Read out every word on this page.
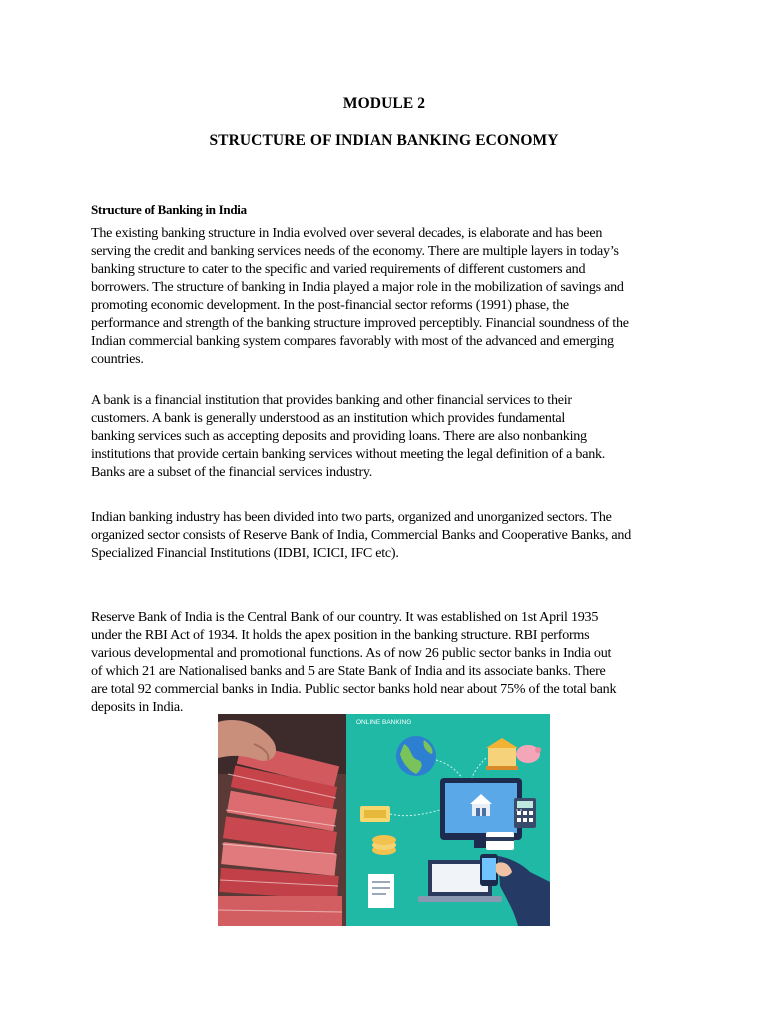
MODULE 2
STRUCTURE OF INDIAN BANKING ECONOMY
Structure of Banking in India

The existing banking structure in India evolved over several decades, is elaborate and has been
serving the credit and banking services needs of the economy. There are multiple layers in today’s
banking structure to cater to the specific and varied requirements of different customers and
borrowers. The structure of banking in India played a major role in the mobilization of savings and
promoting economic development. In the post-financial sector reforms (1991) phase, the
performance and strength of the banking structure improved perceptibly. Financial soundness of the
Indian commercial banking system compares favorably with most of the advanced and emerging
countries.

A bank is a financial institution that provides banking and other financial services to their
customers. A bank is generally understood as an institution which provides fundamental
banking services such as accepting deposits and providing loans. There are also nonbanking
institutions that provide certain banking services without meeting the legal definition of a bank.
Banks are a subset of the financial services industry.

Indian banking industry has been divided into two parts, organized and unorganized sectors. The
organized sector consists of Reserve Bank of India, Commercial Banks and Cooperative Banks, and
Specialized Financial Institutions (IDBI, ICICI, IFC etc).

Reserve Bank of India is the Central Bank of our country. It was established on 1st April 1935
under the RBI Act of 1934. It holds the apex position in the banking structure. RBI performs
various developmental and promotional functions. As of now 26 public sector banks in India out
of which 21 are Nationalised banks and 5 are State Bank of India and its associate banks. There
are total 92 commercial banks in India. Public sector banks hold near about 75% of the total bank
deposits in India.

ONLINE BANKING
